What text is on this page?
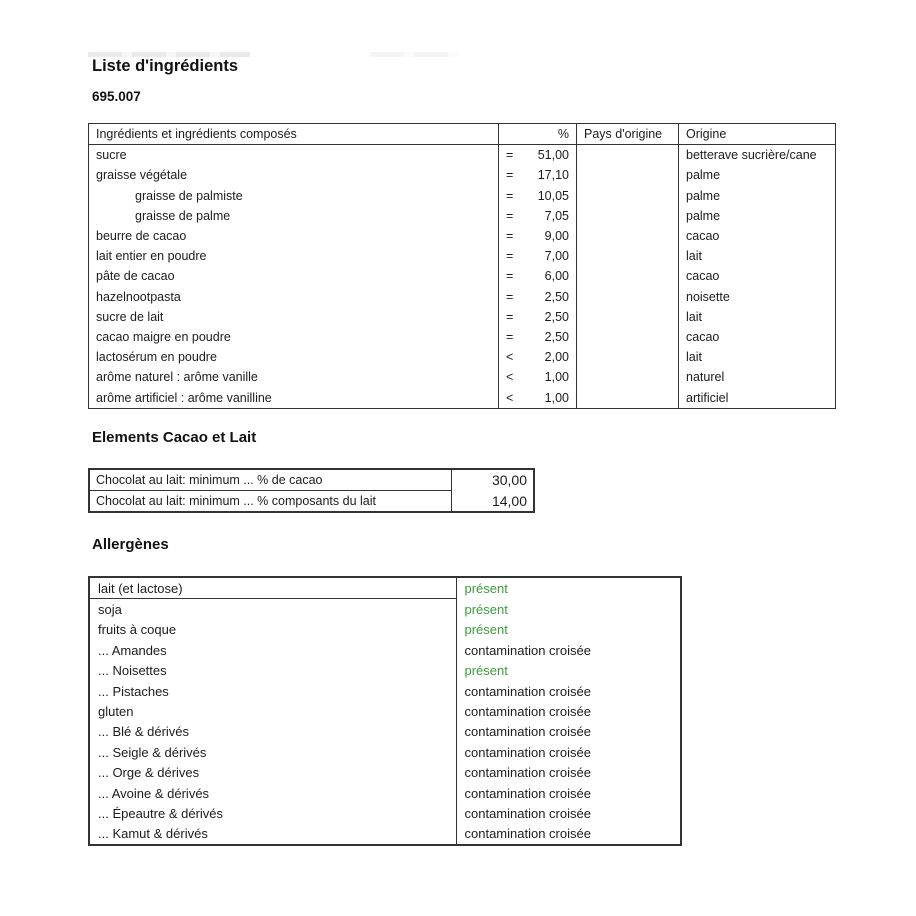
Liste d'ingrédients
695.007
Ingrédients et ingrédients composés	%	Pays d'origine	Origine
sucre	= 51,00		betterave sucrière/cane
graisse végétale	= 17,10		palme
graisse de palmiste	= 10,05		palme
graisse de palme	= 7,05		palme
beurre de cacao	= 9,00		cacao
lait entier en poudre	= 7,00		lait
pâte de cacao	= 6,00		cacao
hazelnootpasta	= 2,50		noisette
sucre de lait	= 2,50		lait
cacao maigre en poudre	= 2,50		cacao
lactosérum en poudre	< 2,00		lait
arôme naturel : arôme vanille	< 1,00		naturel
arôme artificiel : arôme vanilline	< 1,00		artificiel
Elements Cacao et Lait
Chocolat au lait: minimum ... % de cacao	30,00
Chocolat au lait: minimum ... % composants du lait	14,00
Allergènes
lait (et lactose)	présent
soja	présent
fruits à coque	présent
... Amandes	contamination croisée
... Noisettes	présent
... Pistaches	contamination croisée
gluten	contamination croisée
... Blé & dérivés	contamination croisée
... Seigle & dérivés	contamination croisée
... Orge & dérives	contamination croisée
... Avoine & dérivés	contamination croisée
... Épeautre & dérivés	contamination croisée
... Kamut & dérivés	contamination croisée
